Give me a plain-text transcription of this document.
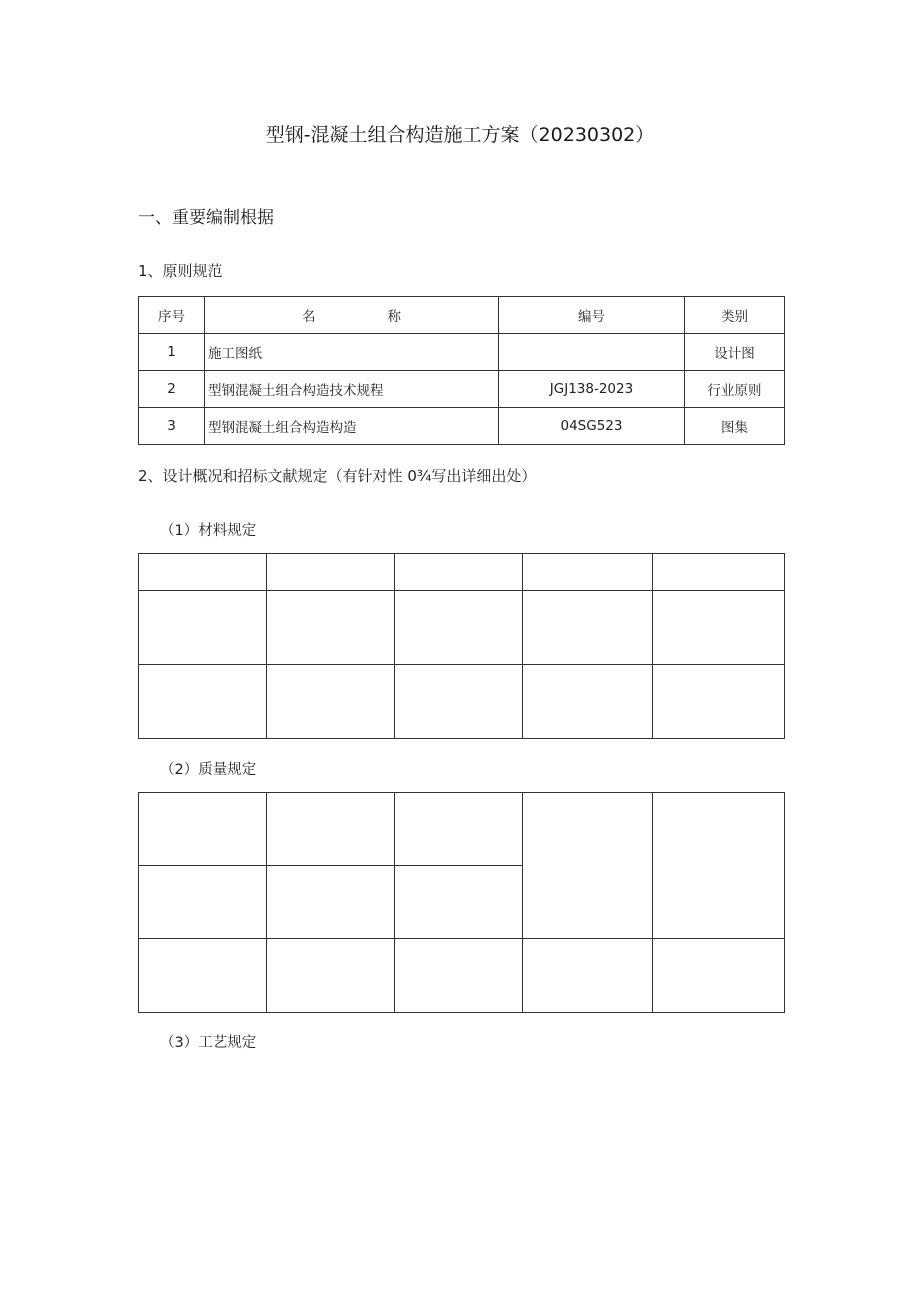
型钢-混凝土组合构造施工方案（20230302）
一、重要编制根据
1、原则规范
序号	名 称	编号	类别
1	施工图纸		设计图
2	型钢混凝土组合构造技术规程	JGJ138-2023	行业原则
3	型钢混凝土组合构造构造	04SG523	图集
2、设计概况和招标文献规定（有针对性 0¾写出详细出处）
（1）材料规定

（2）质量规定

（3）工艺规定
